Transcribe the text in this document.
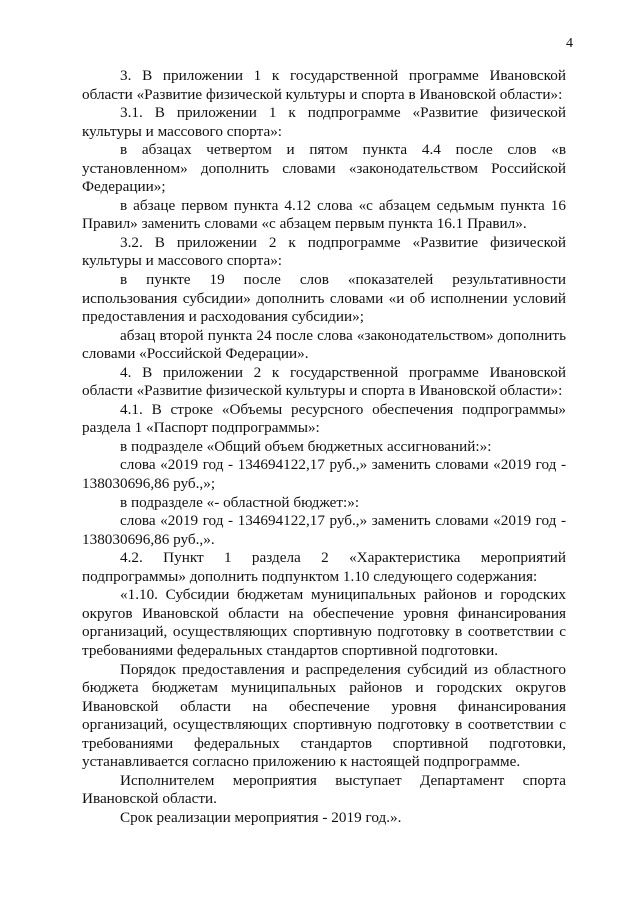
4

3. В приложении 1 к государственной программе Ивановской области «Развитие физической культуры и спорта в Ивановской области»:

3.1. В приложении 1 к подпрограмме «Развитие физической культуры и массового спорта»:

в абзацах четвертом и пятом пункта 4.4 после слов «в установленном» дополнить словами «законодательством Российской Федерации»;

в абзаце первом пункта 4.12 слова «с абзацем седьмым пункта 16 Правил» заменить словами «с абзацем первым пункта 16.1 Правил».

3.2. В приложении 2 к подпрограмме «Развитие физической культуры и массового спорта»:

в пункте 19 после слов «показателей результативности использования субсидии» дополнить словами «и об исполнении условий предоставления и расходования субсидии»;

абзац второй пункта 24 после слова «законодательством» дополнить словами «Российской Федерации».

4. В приложении 2 к государственной программе Ивановской области «Развитие физической культуры и спорта в Ивановской области»:

4.1. В строке «Объемы ресурсного обеспечения подпрограммы» раздела 1 «Паспорт подпрограммы»:

в подразделе «Общий объем бюджетных ассигнований:»:

слова «2019 год - 134694122,17 руб.,» заменить словами «2019 год - 138030696,86 руб.,»;

в подразделе «- областной бюджет:»:

слова «2019 год - 134694122,17 руб.,» заменить словами «2019 год - 138030696,86 руб.,».

4.2. Пункт 1 раздела 2 «Характеристика мероприятий подпрограммы» дополнить подпунктом 1.10 следующего содержания:

«1.10. Субсидии бюджетам муниципальных районов и городских округов Ивановской области на обеспечение уровня финансирования организаций, осуществляющих спортивную подготовку в соответствии с требованиями федеральных стандартов спортивной подготовки.

Порядок предоставления и распределения субсидий из областного бюджета бюджетам муниципальных районов и городских округов Ивановской области на обеспечение уровня финансирования организаций, осуществляющих спортивную подготовку в соответствии с требованиями федеральных стандартов спортивной подготовки, устанавливается согласно приложению к настоящей подпрограмме.

Исполнителем мероприятия выступает Департамент спорта Ивановской области.

Срок реализации мероприятия - 2019 год.».
